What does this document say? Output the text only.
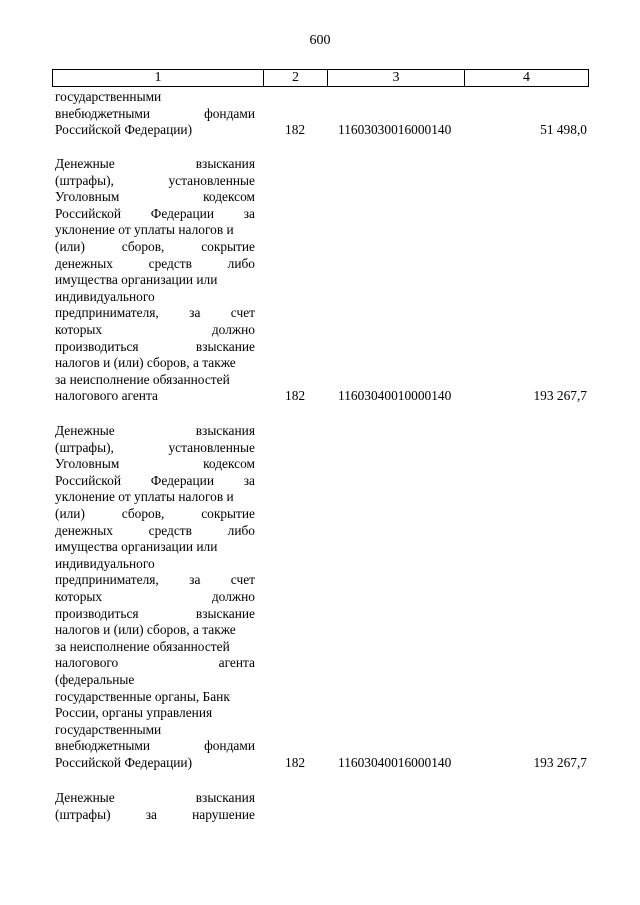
600
1	2	3	4
государственными
внебюджетными	фондами
Российской Федерации)	182 11603030016000140	51 498,0
Денежные	взыскания
(штрафы),	установленные
Уголовным	кодексом
Российской Федерации за
уклонение от уплаты налогов и
(или)	сборов,	сокрытие
денежных	средств	либо
имущества организации или
индивидуального
предпринимателя, за счет
которых	должно
производиться	взыскание
налогов и (или) сборов, а также
за неисполнение обязанностей
налогового агента	182 11603040010000140	193 267,7
Денежные	взыскания
(штрафы),	установленные
Уголовным	кодексом
Российской Федерации за
уклонение от уплаты налогов и
(или)	сборов,	сокрытие
денежных	средств	либо
имущества организации или
индивидуального
предпринимателя, за счет
которых	должно
производиться	взыскание
налогов и (или) сборов, а также
за неисполнение обязанностей
налогового	агента
(федеральные
государственные органы, Банк
России, органы управления
государственными
внебюджетными	фондами
Российской Федерации)	182 11603040016000140	193 267,7
Денежные	взыскания
(штрафы)	за	нарушение
